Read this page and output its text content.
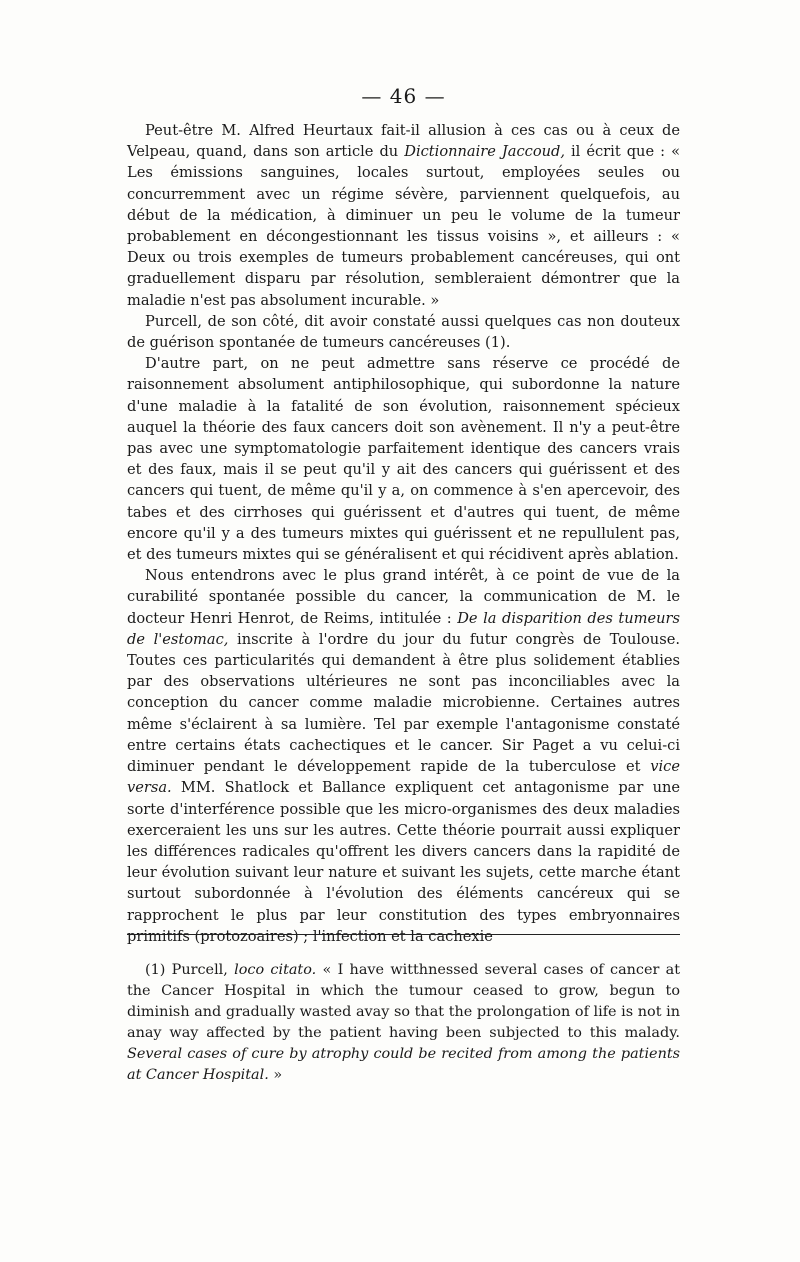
— 46 —

Peut-être M. Alfred Heurtaux fait-il allusion à ces cas ou à ceux de Velpeau, quand, dans son article du Dictionnaire Jaccoud, il écrit que : « Les émissions sanguines, locales surtout, employées seules ou concurremment avec un régime sévère, parviennent quelquefois, au début de la médication, à diminuer un peu le volume de la tumeur probablement en décongestionnant les tissus voisins », et ailleurs : « Deux ou trois exemples de tumeurs probablement cancéreuses, qui ont graduellement disparu par résolution, sembleraient démontrer que la maladie n'est pas absolument incurable. »

Purcell, de son côté, dit avoir constaté aussi quelques cas non douteux de guérison spontanée de tumeurs cancéreuses (1).

D'autre part, on ne peut admettre sans réserve ce procédé de raisonnement absolument antiphilosophique, qui subordonne la nature d'une maladie à la fatalité de son évolution, raisonnement spécieux auquel la théorie des faux cancers doit son avènement. Il n'y a peut-être pas avec une symptomatologie parfaitement identique des cancers vrais et des faux, mais il se peut qu'il y ait des cancers qui guérissent et des cancers qui tuent, de même qu'il y a, on commence à s'en apercevoir, des tabes et des cirrhoses qui guérissent et d'autres qui tuent, de même encore qu'il y a des tumeurs mixtes qui guérissent et ne repullulent pas, et des tumeurs mixtes qui se généralisent et qui récidivent après ablation.

Nous entendrons avec le plus grand intérêt, à ce point de vue de la curabilité spontanée possible du cancer, la communication de M. le docteur Henri Henrot, de Reims, intitulée : De la disparition des tumeurs de l'estomac, inscrite à l'ordre du jour du futur congrès de Toulouse. Toutes ces particularités qui demandent à être plus solidement établies par des observations ultérieures ne sont pas inconciliables avec la conception du cancer comme maladie microbienne. Certaines autres même s'éclairent à sa lumière. Tel par exemple l'antagonisme constaté entre certains états cachectiques et le cancer. Sir Paget a vu celui-ci diminuer pendant le développement rapide de la tuberculose et vice versa. MM. Shatlock et Ballance expliquent cet antagonisme par une sorte d'interférence possible que les micro-organismes des deux maladies exerceraient les uns sur les autres. Cette théorie pourrait aussi expliquer les différences radicales qu'offrent les divers cancers dans la rapidité de leur évolution suivant leur nature et suivant les sujets, cette marche étant surtout subordonnée à l'évolution des éléments cancéreux qui se rapprochent le plus par leur constitution des types embryonnaires primitifs (protozoaires) ; l'infection et la cachexie

(1) Purcell, loco citato. « I have witthnessed several cases of cancer at the Cancer Hospital in which the tumour ceased to grow, begun to diminish and gradually wasted avay so that the prolongation of life is not in anay way affected by the patient having been subjected to this malady. Several cases of cure by atrophy could be recited from among the patients at Cancer Hospital. »
